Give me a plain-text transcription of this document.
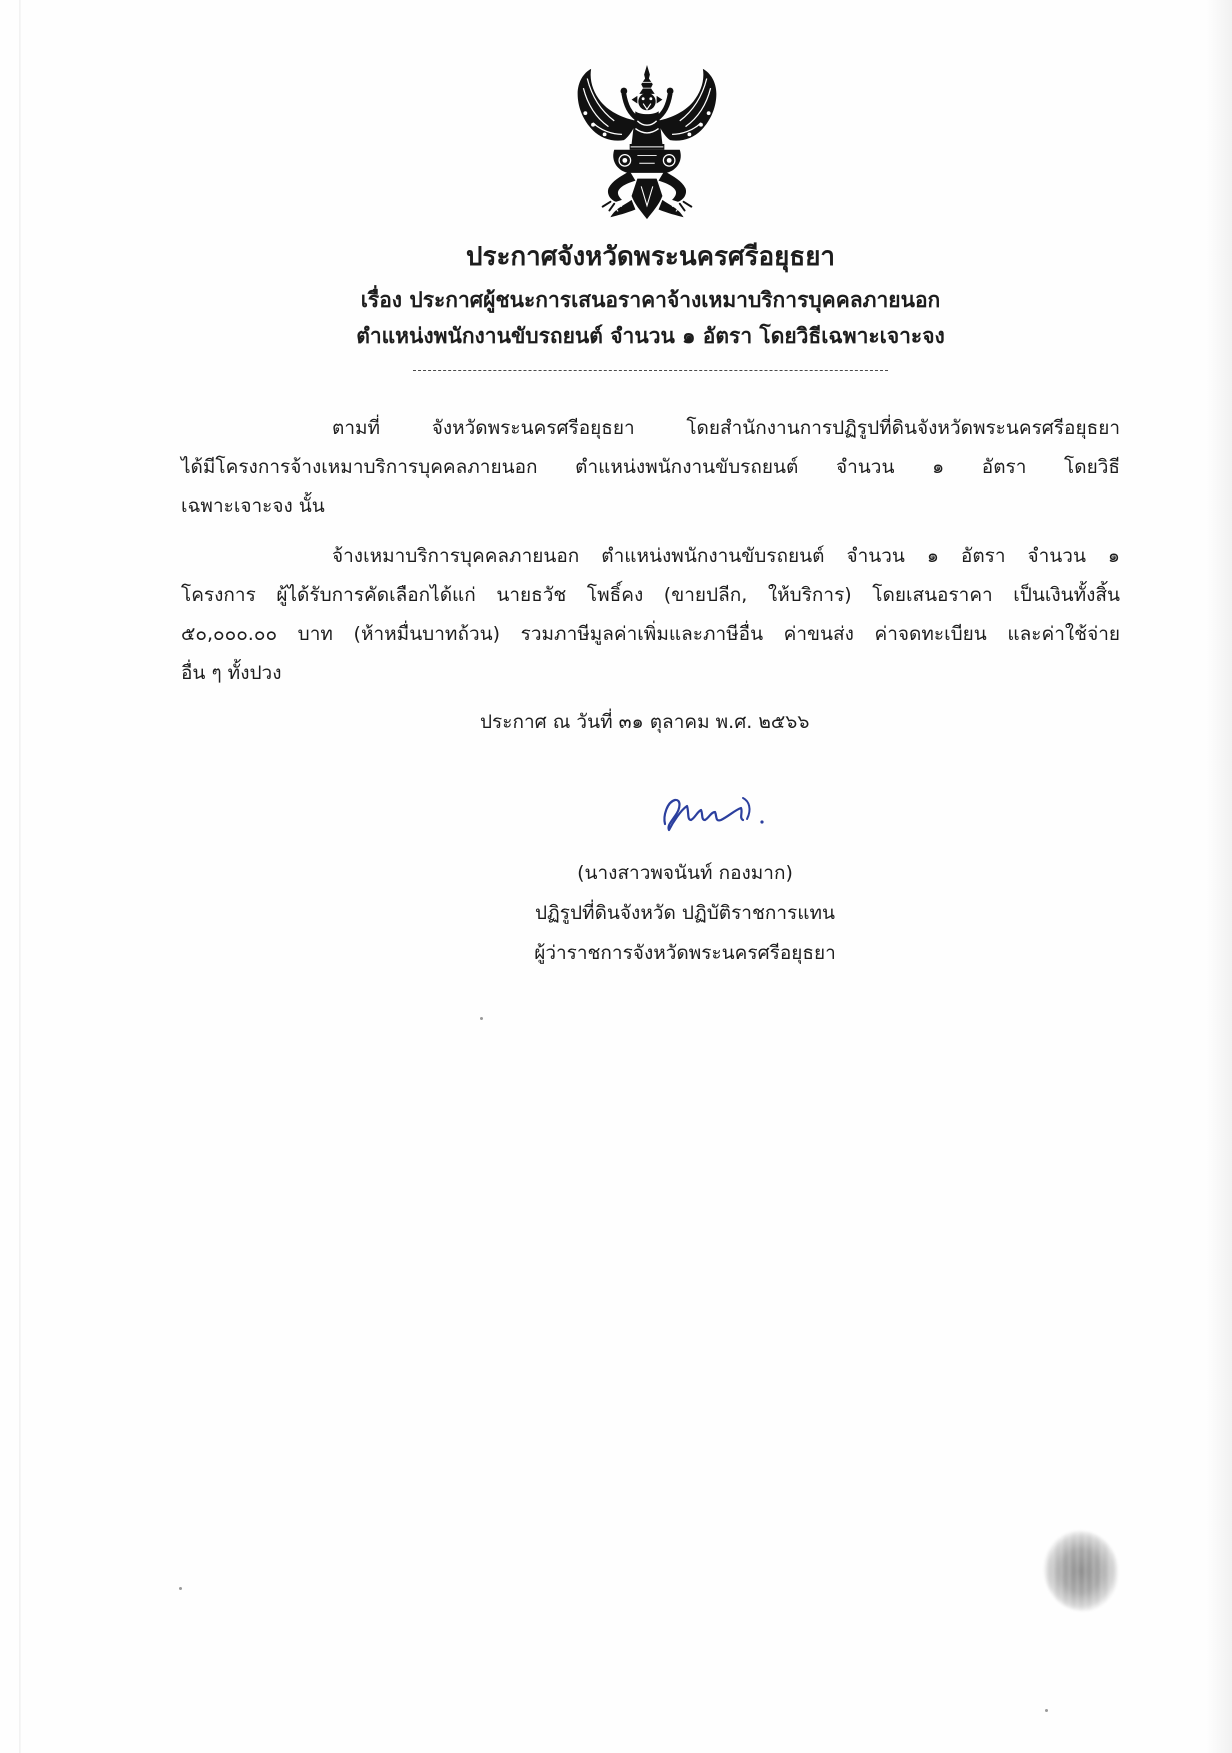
ประกาศจังหวัดพระนครศรีอยุธยา
เรื่อง ประกาศผู้ชนะการเสนอราคาจ้างเหมาบริการบุคคลภายนอก
ตำแหน่งพนักงานขับรถยนต์ จำนวน ๑ อัตรา โดยวิธีเฉพาะเจาะจง
ตามที่ จังหวัดพระนครศรีอยุธยา โดยสำนักงานการปฏิรูปที่ดินจังหวัดพระนครศรีอยุธยา
ได้มีโครงการจ้างเหมาบริการบุคคลภายนอก ตำแหน่งพนักงานขับรถยนต์ จำนวน ๑ อัตรา โดยวิธี
เฉพาะเจาะจง นั้น
จ้างเหมาบริการบุคคลภายนอก ตำแหน่งพนักงานขับรถยนต์ จำนวน ๑ อัตรา จำนวน ๑
โครงการ ผู้ได้รับการคัดเลือกได้แก่ นายธวัช โพธิ์คง (ขายปลีก, ให้บริการ) โดยเสนอราคา เป็นเงินทั้งสิ้น
๕๐,๐๐๐.๐๐ บาท (ห้าหมื่นบาทถ้วน) รวมภาษีมูลค่าเพิ่มและภาษีอื่น ค่าขนส่ง ค่าจดทะเบียน และค่าใช้จ่าย
อื่น ๆ ทั้งปวง
ประกาศ ณ วันที่ ๓๑ ตุลาคม พ.ศ. ๒๕๖๖
(นางสาวพจนันท์ กองมาก)
ปฏิรูปที่ดินจังหวัด ปฏิบัติราชการแทน
ผู้ว่าราชการจังหวัดพระนครศรีอยุธยา
